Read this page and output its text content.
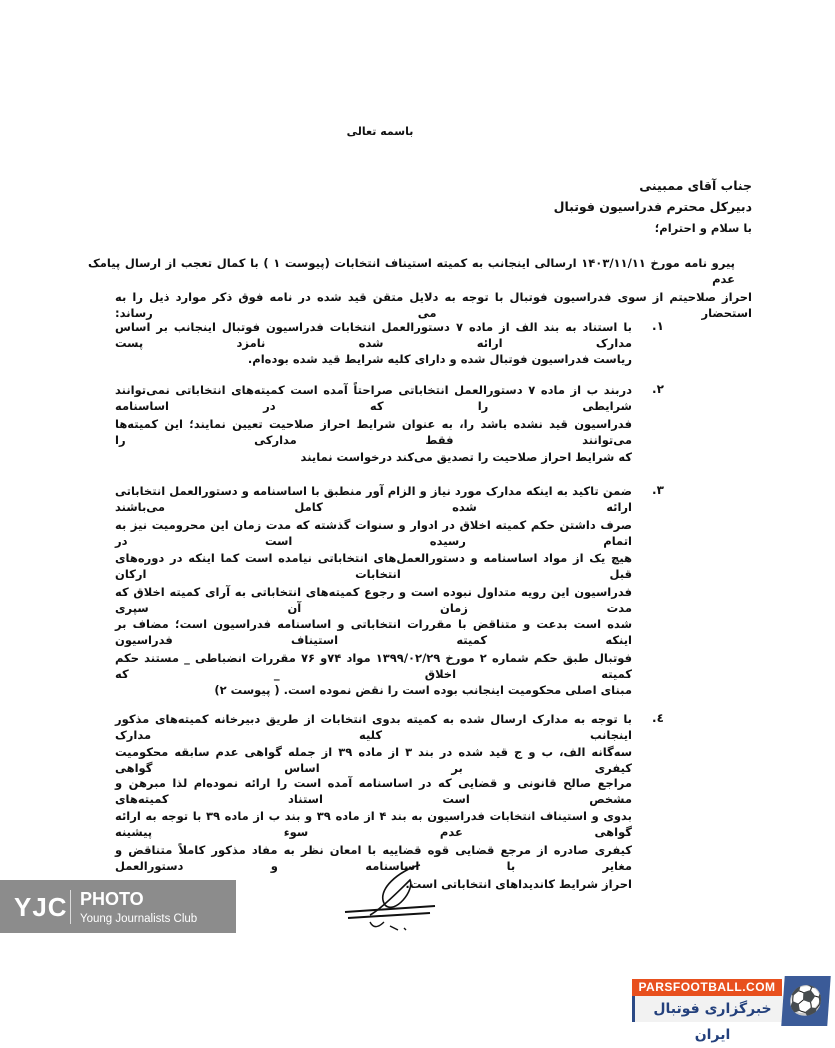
باسمه تعالی
جناب آقای ممبینی
دبیرکل محترم فدراسیون فوتبال
با سلام و احترام؛
پیرو نامه مورخ ۱۴۰۳/۱۱/۱۱ ارسالی اینجانب به کمیته استیناف انتخابات (پیوست ۱ ) با کمال تعجب از ارسال پیامک عدم
احراز صلاحیتم از سوی فدراسیون فوتبال با توجه به دلایل متقن قید شده در نامه فوق ذکر موارد ذیل را به استحضار می رساند:
۱.
با استناد به بند الف از ماده ۷ دستورالعمل انتخابات فدراسیون فوتبال اینجانب بر اساس مدارک ارائه شده نامزد پست
ریاست فدراسیون فوتبال شده و دارای کلیه شرایط قید شده بوده‌ام.
۲.
دربند ب از ماده ۷ دستورالعمل انتخاباتی صراحتاً آمده است کمیته‌های انتخاباتی نمی‌توانند شرایطی را که در اساسنامه
فدراسیون قید نشده باشد را، به عنوان شرایط احراز صلاحیت تعیین نمایند؛ این کمیته‌ها می‌توانند فقط مدارکی را
که شرایط احراز صلاحیت را تصدیق می‌کند درخواست نمایند
۳.
ضمن تاکید به اینکه مدارک مورد نیاز و الزام آور منطبق با اساسنامه و دستورالعمل انتخاباتی ارائه شده کامل می‌باشند
صرف داشتن حکم کمیته اخلاق در ادوار و سنوات گذشته که مدت زمان این محرومیت نیز به اتمام رسیده است در
هیچ یک از مواد اساسنامه و دستورالعمل‌های انتخاباتی نیامده است کما اینکه در دوره‌های قبل انتخابات ارکان
فدراسیون این رویه متداول نبوده است و رجوع کمیته‌های انتخاباتی به آرای کمیته اخلاق که مدت زمان آن سپری
شده است بدعت و متناقض با مقررات انتخاباتی و اساسنامه فدراسیون است؛ مضاف بر اینکه کمیته استیناف فدراسیون
فوتبال طبق حکم شماره ۲ مورخ ۱۳۹۹/۰۲/۲۹ مواد ۷۴و ۷۶ مقررات انضباطی _ مستند حکم کمیته اخلاق _ که
مبنای اصلی محکومیت اینجانب بوده است را نقض نموده است. ( پیوست ۲)
٤.
با توجه به مدارک ارسال شده به کمیته بدوی انتخابات از طریق دبیرخانه کمیته‌های مذکور اینجانب کلیه مدارک
سه‌گانه الف، ب و ج قید شده در بند ۳ از ماده ۳۹ از جمله گواهی عدم سابقه محکومیت کیفری بر اساس گواهی
مراجع صالح قانونی و قضایی که در اساسنامه آمده است را ارائه نموده‌ام لذا مبرهن و مشخص است استناد کمیته‌های
بدوی و استیناف انتخابات فدراسیون به بند ۴ از ماده ۳۹ و بند ب از ماده ۳۹ با توجه به ارائه گواهی عدم سوء پیشینه
کیفری صادره از مرجع قضایی قوه قضاییه با امعان نظر به مفاد مذکور کاملاً متناقض و مغایر با اساسنامه و دستورالعمل
احراز شرایط کاندیداهای انتخاباتی است.
YJC PHOTO
Young Journalists Club
PARSFOOTBALL.COM
خبرگزاری فوتبال ایران
⚽
